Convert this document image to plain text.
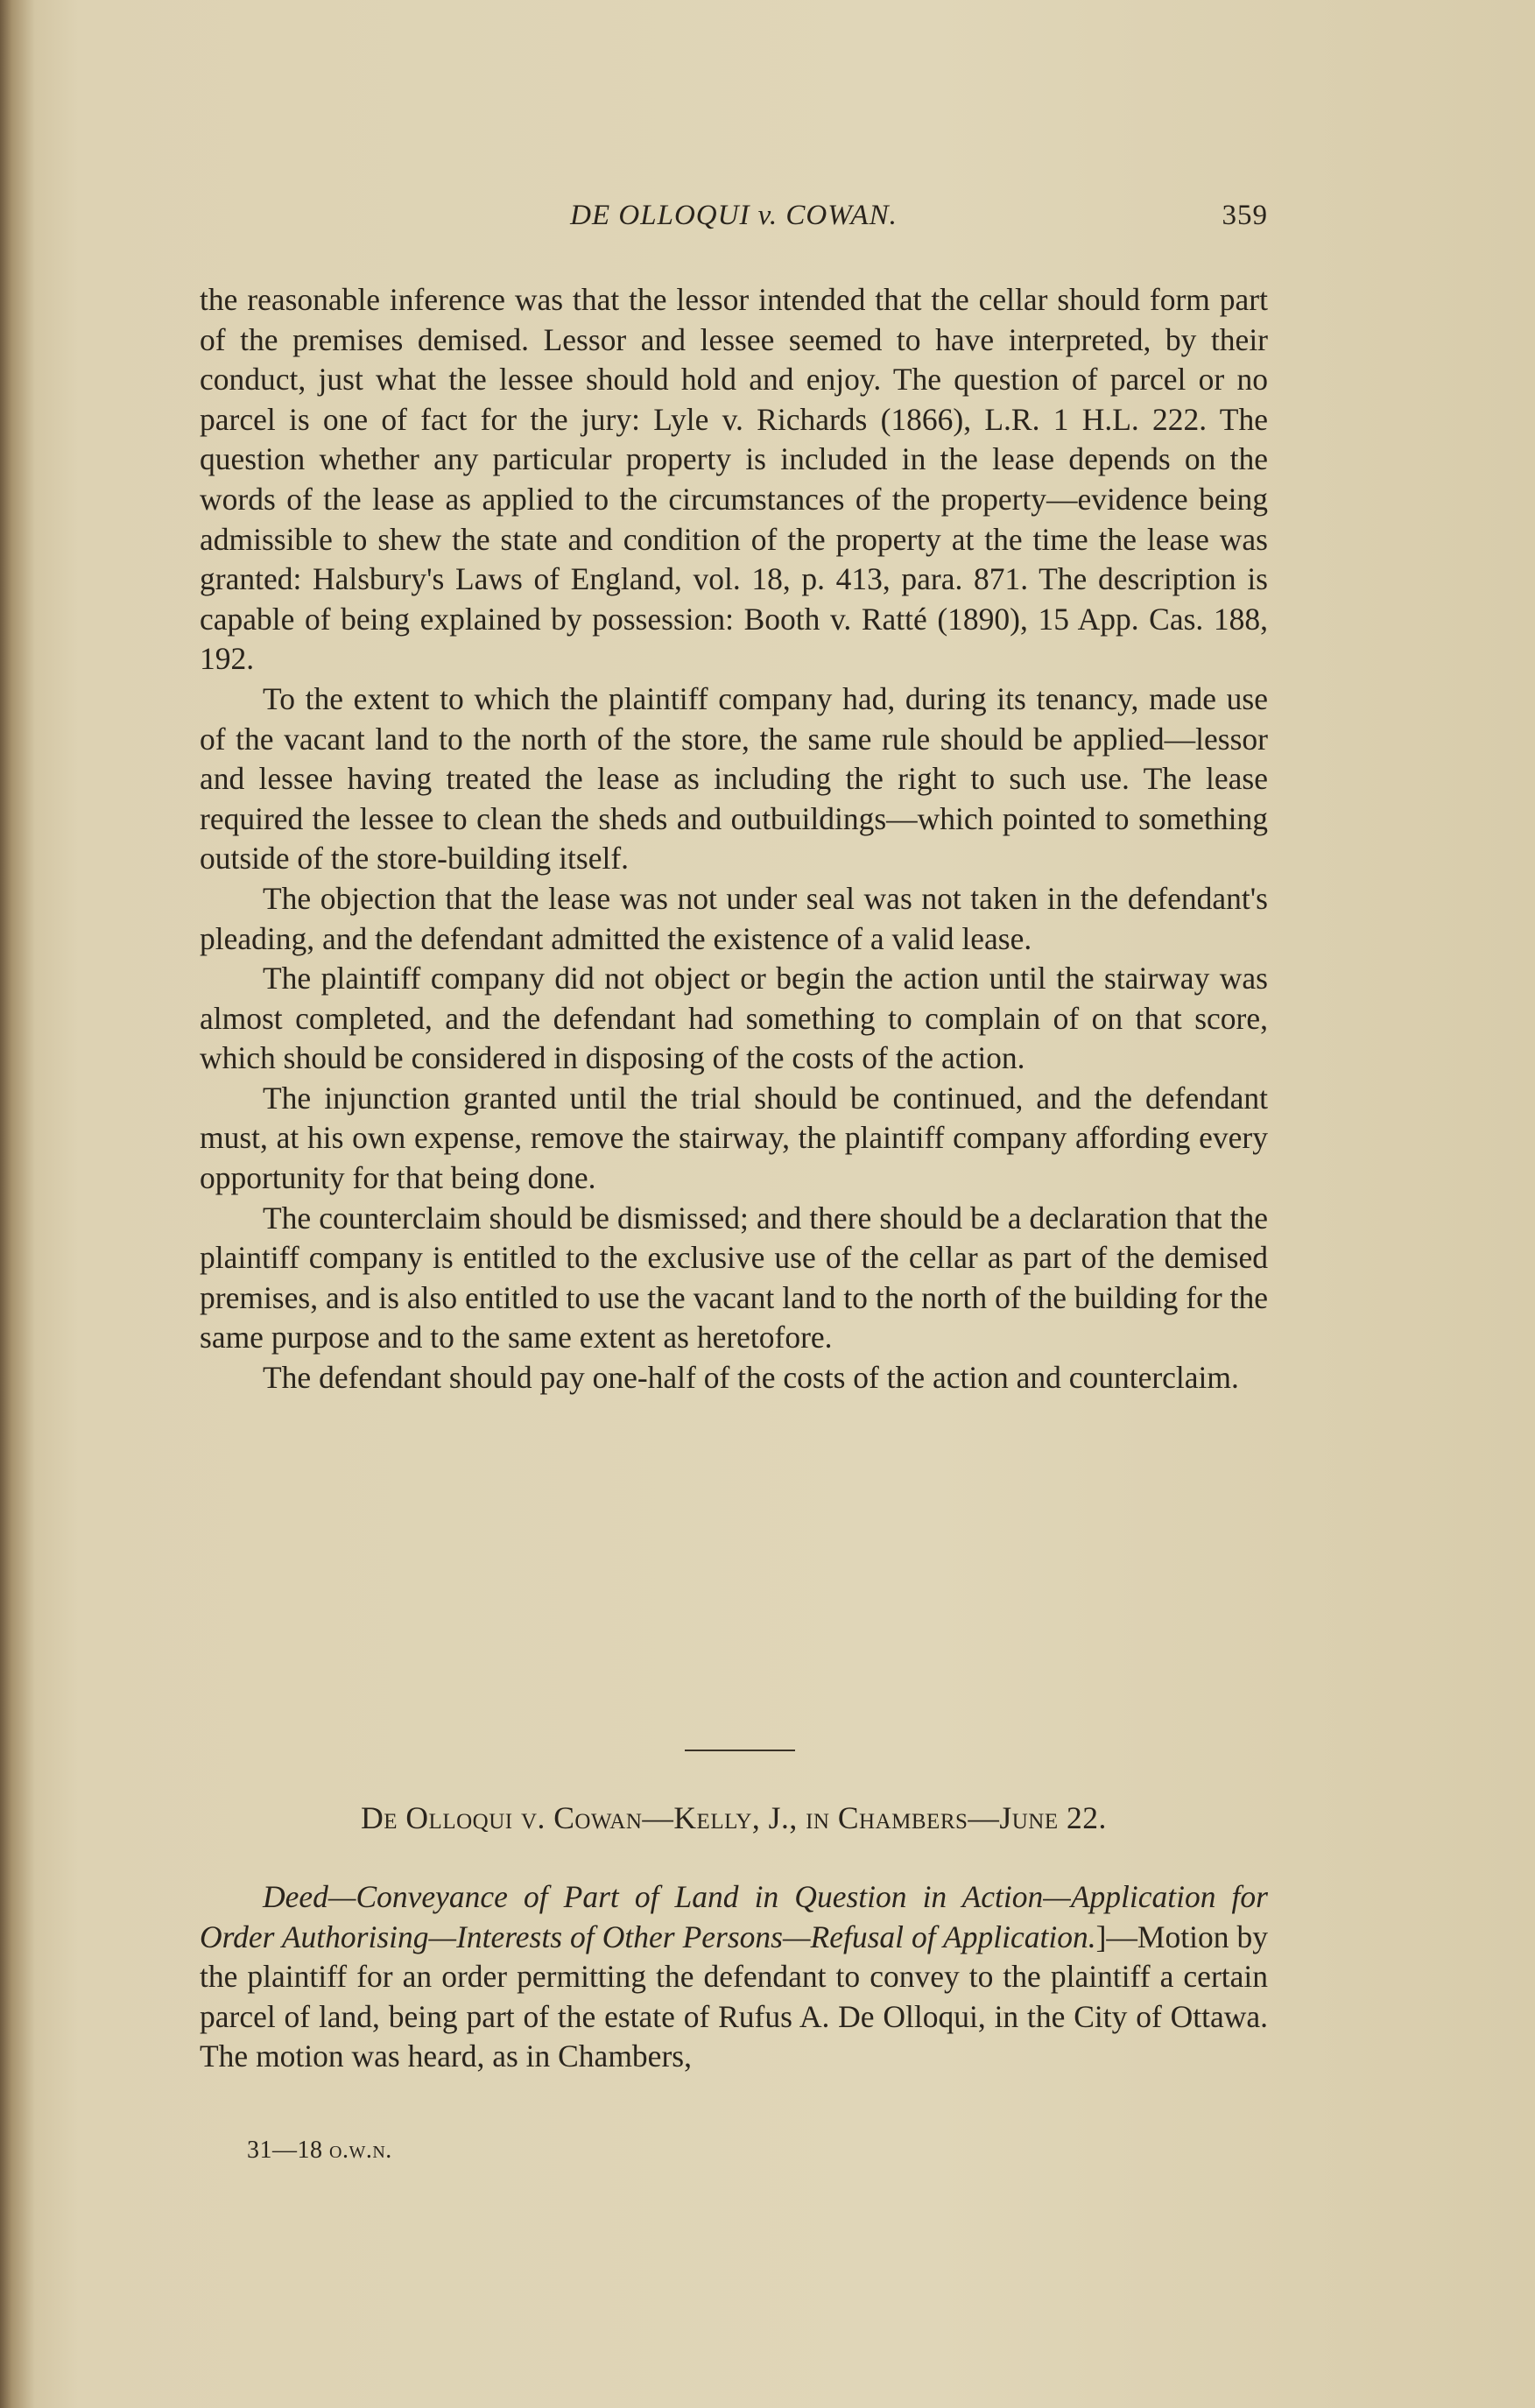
DE OLLOQUI v. COWAN.	359

the reasonable inference was that the lessor intended that the cellar should form part of the premises demised. Lessor and lessee seemed to have interpreted, by their conduct, just what the lessee should hold and enjoy. The question of parcel or no parcel is one of fact for the jury: Lyle v. Richards (1866), L.R. 1 H.L. 222. The question whether any particular property is included in the lease depends on the words of the lease as applied to the circumstances of the property—evidence being admissible to shew the state and condition of the property at the time the lease was granted: Halsbury's Laws of England, vol. 18, p. 413, para. 871. The description is capable of being explained by possession: Booth v. Ratté (1890), 15 App. Cas. 188, 192.

To the extent to which the plaintiff company had, during its tenancy, made use of the vacant land to the north of the store, the same rule should be applied—lessor and lessee having treated the lease as including the right to such use. The lease required the lessee to clean the sheds and outbuildings—which pointed to something outside of the store-building itself.

The objection that the lease was not under seal was not taken in the defendant's pleading, and the defendant admitted the existence of a valid lease.

The plaintiff company did not object or begin the action until the stairway was almost completed, and the defendant had something to complain of on that score, which should be considered in disposing of the costs of the action.

The injunction granted until the trial should be continued, and the defendant must, at his own expense, remove the stairway, the plaintiff company affording every opportunity for that being done.

The counterclaim should be dismissed; and there should be a declaration that the plaintiff company is entitled to the exclusive use of the cellar as part of the demised premises, and is also entitled to use the vacant land to the north of the building for the same purpose and to the same extent as heretofore.

The defendant should pay one-half of the costs of the action and counterclaim.

De Olloqui v. Cowan—Kelly, J., in Chambers—June 22.

Deed—Conveyance of Part of Land in Question in Action—Application for Order Authorising—Interests of Other Persons—Refusal of Application.]—Motion by the plaintiff for an order permitting the defendant to convey to the plaintiff a certain parcel of land, being part of the estate of Rufus A. De Olloqui, in the City of Ottawa. The motion was heard, as in Chambers,

31—18 o.w.n.
